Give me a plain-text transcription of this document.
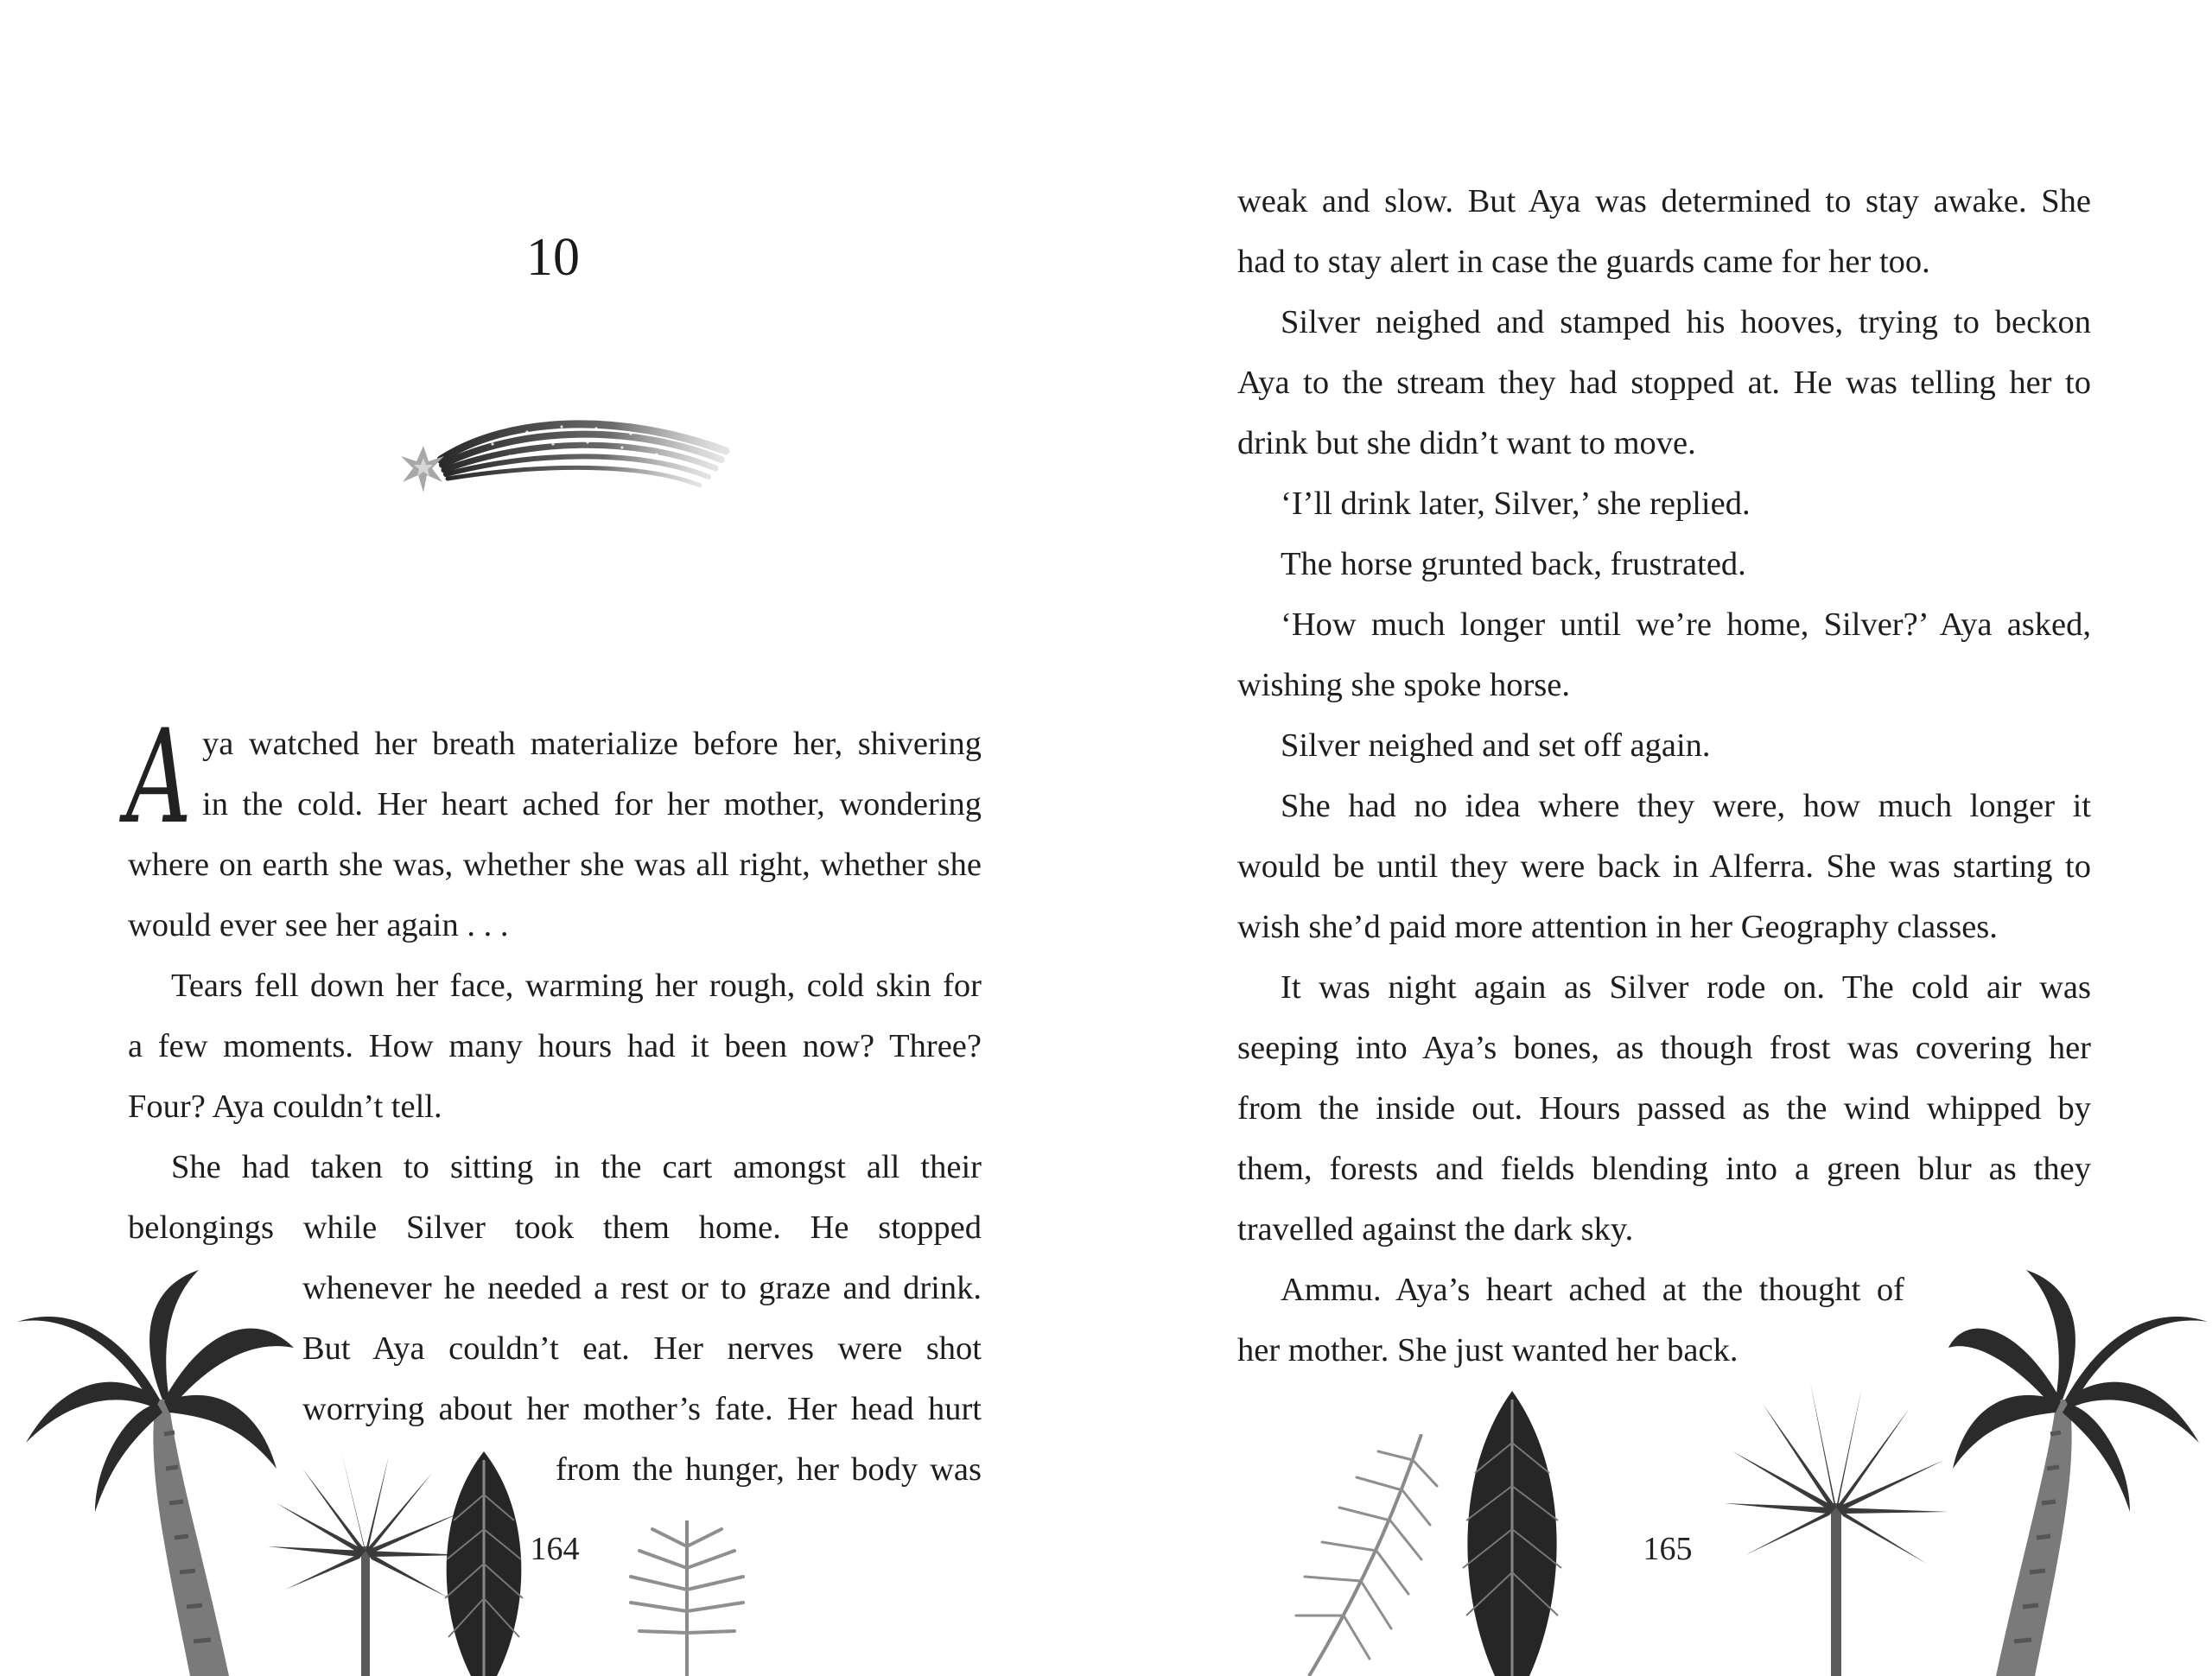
10
A ya watched her breath materialize before her, shivering
in the cold. Her heart ached for her mother, wondering
where on earth she was, whether she was all right, whether she
would ever see her again . . .
Tears fell down her face, warming her rough, cold skin for
a few moments. How many hours had it been now? Three?
Four? Aya couldn’t tell.
She had taken to sitting in the cart amongst all their
belongings while Silver took them home. He stopped
whenever he needed a rest or to graze and drink.
But Aya couldn’t eat. Her nerves were shot
worrying about her mother’s fate. Her head hurt
from the hunger, her body was
164
weak and slow. But Aya was determined to stay awake. She
had to stay alert in case the guards came for her too.
Silver neighed and stamped his hooves, trying to beckon
Aya to the stream they had stopped at. He was telling her to
drink but she didn’t want to move.
‘I’ll drink later, Silver,’ she replied.
The horse grunted back, frustrated.
‘How much longer until we’re home, Silver?’ Aya asked,
wishing she spoke horse.
Silver neighed and set off again.
She had no idea where they were, how much longer it
would be until they were back in Alferra. She was starting to
wish she’d paid more attention in her Geography classes.
It was night again as Silver rode on. The cold air was
seeping into Aya’s bones, as though frost was covering her
from the inside out. Hours passed as the wind whipped by
them, forests and fields blending into a green blur as they
travelled against the dark sky.
Ammu. Aya’s heart ached at the thought of
her mother. She just wanted her back.
165
